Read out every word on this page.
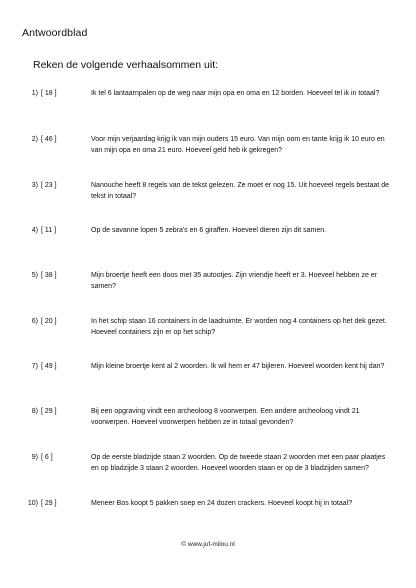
Antwoordblad
Reken de volgende verhaalsommen uit:
1) [ 18 ]	Ik tel 6 lantaarnpalen op de weg naar mijn opa en oma en 12 borden. Hoeveel tel ik in totaal?
2) [ 46 ]	Voor mijn verjaardag krijg ik van mijn ouders 15 euro. Van mijn oom en tante krijg ik 10 euro en van mijn opa en oma 21 euro. Hoeveel geld heb ik gekregen?
3) [ 23 ]	Nanouche heeft 8 regels van de tekst gelezen. Ze moet er nog 15. Uit hoeveel regels bestaat de tekst in totaal?
4) [ 11 ]	Op de savanne lopen 5 zebra's en 6 giraffen. Hoeveel dieren zijn dit samen.
5) [ 38 ]	Mijn broertje heeft een doos met 35 autootjes. Zijn vriendje heeft er 3. Hoeveel hebben ze er samen?
6) [ 20 ]	In het schip staan 16 containers in de laadruimte. Er worden nog 4 containers op het dek gezet. Hoeveel containers zijn er op het schip?
7) [ 49 ]	Mijn kleine broertje kent al 2 woorden. Ik wil hem er 47 bijleren. Hoeveel woorden kent hij dan?
8) [ 29 ]	Bij een opgraving vindt een archeoloog 8 voorwerpen. Een andere archeoloog vindt 21 voorwerpen. Hoeveel voorwerpen hebben ze in totaal gevonden?
9) [ 6 ]	Op de eerste bladzijde staan 2 woorden. Op de tweede staan 2 woorden met een paar plaatjes en op bladzijde 3 staan 2 woorden. Hoeveel woorden staan er op de 3 bladzijden samen?
10) [ 29 ]	Meneer Bos koopt 5 pakken soep en 24 dozen crackers. Hoeveel koopt hij in totaal?
© www.juf-milou.nl
